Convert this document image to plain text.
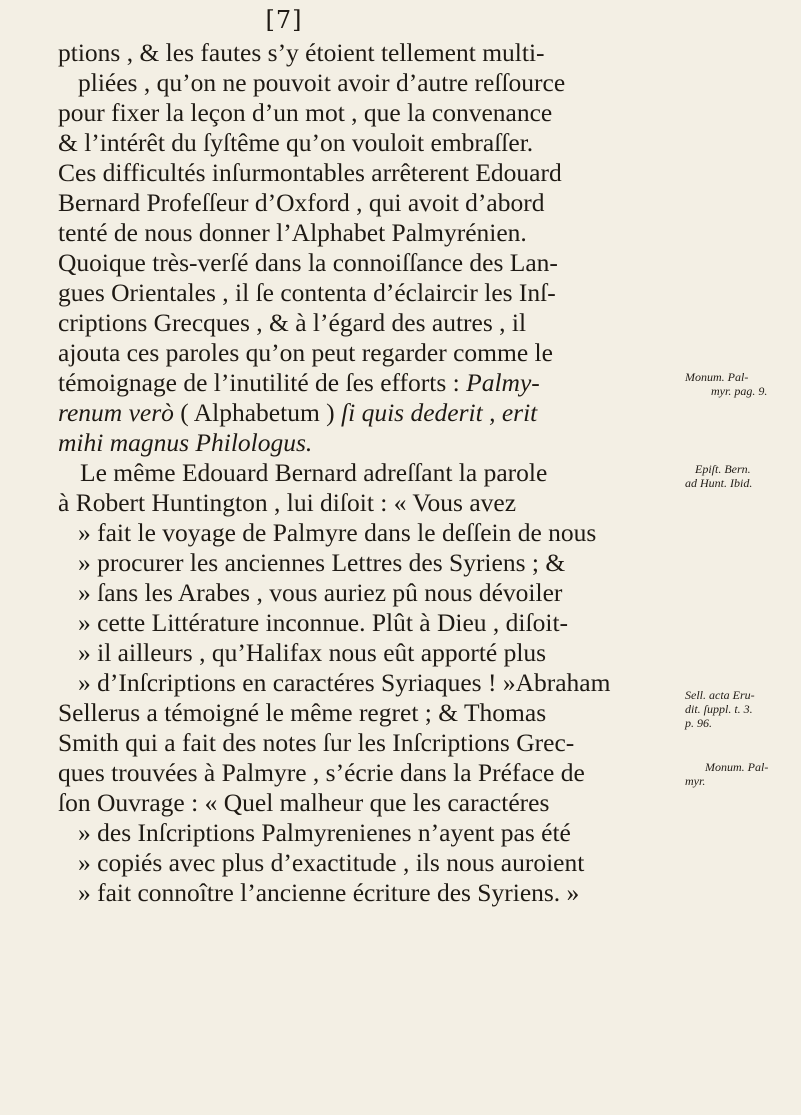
[7]
ptions , & les fautes s’y étoient tellement multi-
pliées , qu’on ne pouvoit avoir d’autre reſſource
pour fixer la leçon d’un mot , que la convenance
& l’intérêt du ſyſtême qu’on vouloit embraſſer.
Ces difficultés inſurmontables arrêterent Edouard
Bernard Profeſſeur d’Oxford , qui avoit d’abord
tenté de nous donner l’Alphabet Palmyrénien.
Quoique très-verſé dans la connoiſſance des Lan-
gues Orientales , il ſe contenta d’éclaircir les Inſ-
criptions Grecques , & à l’égard des autres , il
ajouta ces paroles qu’on peut regarder comme le
témoignage de l’inutilité de ſes efforts : Palmy-
renum verò ( Alphabetum ) ſi quis dederit , erit
mihi magnus Philologus.
Le même Edouard Bernard adreſſant la parole
à Robert Huntington , lui diſoit : « Vous avez
» fait le voyage de Palmyre dans le deſſein de nous
» procurer les anciennes Lettres des Syriens ; &
» ſans les Arabes , vous auriez pû nous dévoiler
» cette Littérature inconnue. Plût à Dieu , diſoit-
» il ailleurs , qu’Halifax nous eût apporté plus
» d’Inſcriptions en caractéres Syriaques ! »Abraham
Sellerus a témoigné le même regret ; & Thomas
Smith qui a fait des notes ſur les Inſcriptions Grec-
ques trouvées à Palmyre , s’écrie dans la Préface de
ſon Ouvrage : « Quel malheur que les caractéres
» des Inſcriptions Palmyrenienes n’ayent pas été
» copiés avec plus d’exactitude , ils nous auroient
» fait connoître l’ancienne écriture des Syriens. »
Monum. Pal-
myr. pag. 9.
Epiſt. Bern.
ad Hunt. Ibid.
Sell. acta Eru-
dit. ſuppl. t. 3.
p. 96.
Monum. Pal-
myr.
